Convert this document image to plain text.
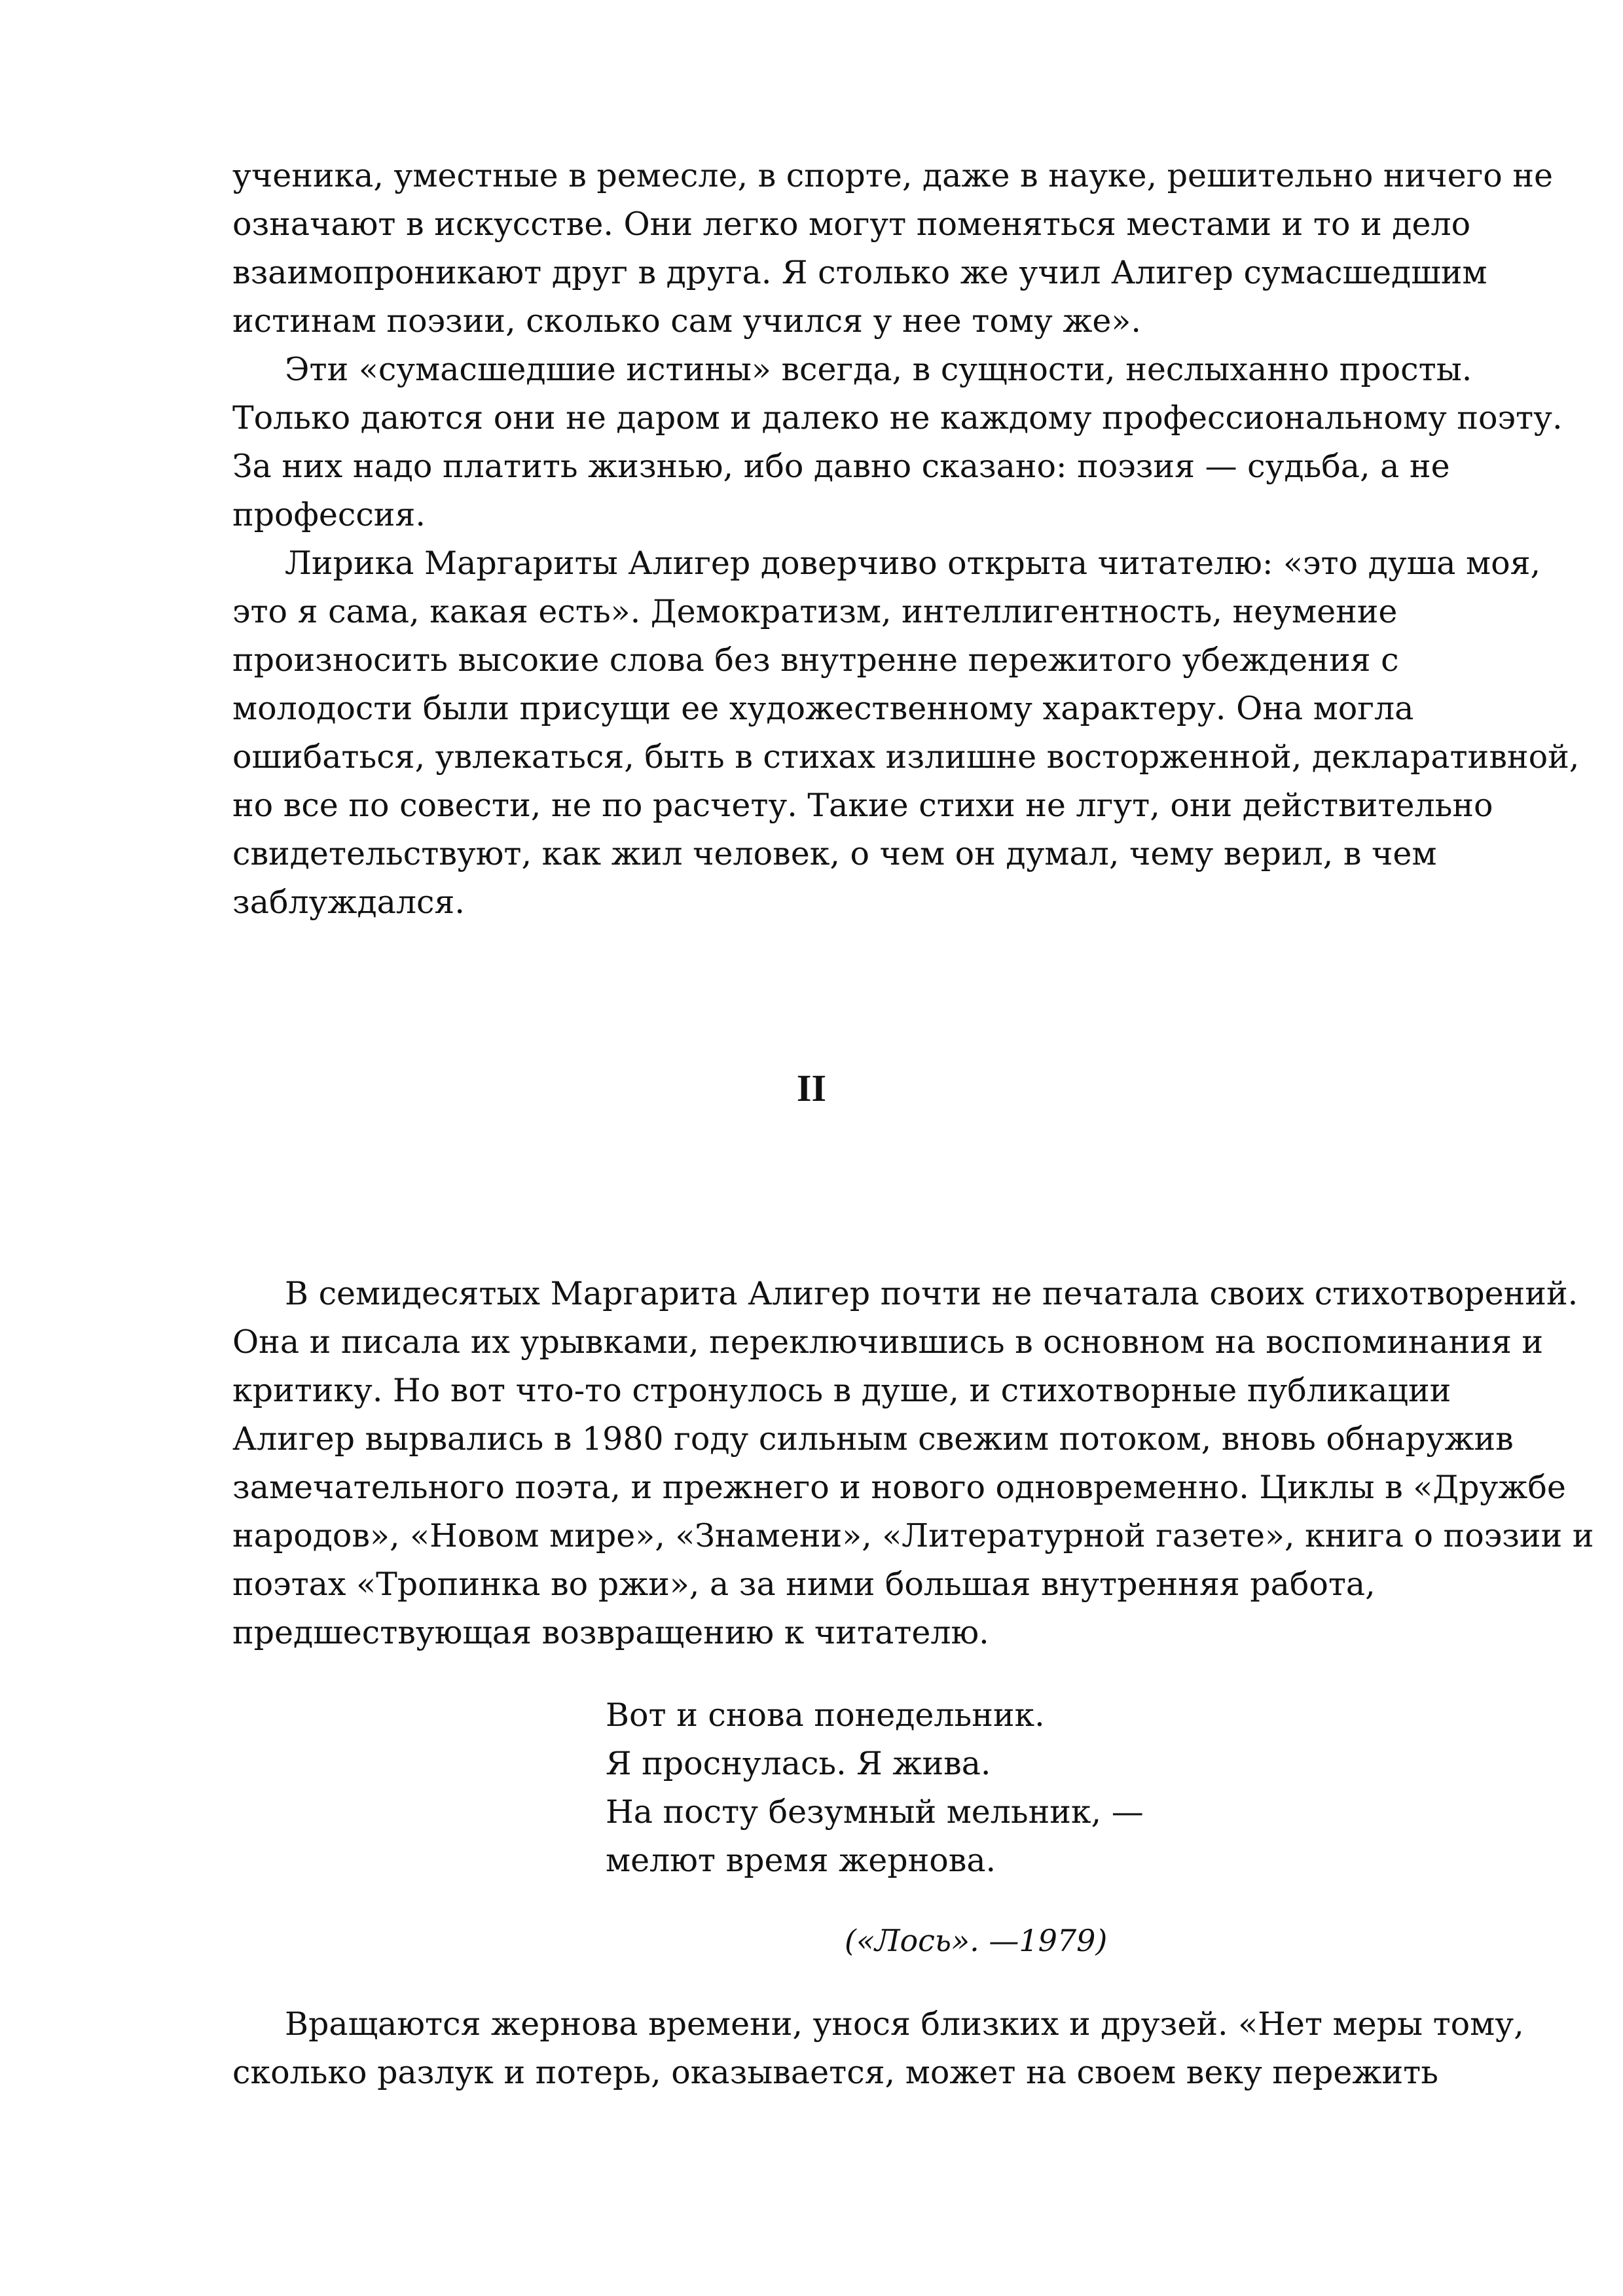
ученика, уместные в ремесле, в спорте, даже в науке, решительно ничего не
означают в искусстве. Они легко могут поменяться местами и то и дело
взаимопроникают друг в друга. Я столько же учил Алигер сумасшедшим
истинам поэзии, сколько сам учился у нее тому же».
Эти «сумасшедшие истины» всегда, в сущности, неслыханно просты.
Только даются они не даром и далеко не каждому профессиональному поэту.
За них надо платить жизнью, ибо давно сказано: поэзия — судьба, а не
профессия.
Лирика Маргариты Алигер доверчиво открыта читателю: «это душа моя,
это я сама, какая есть». Демократизм, интеллигентность, неумение
произносить высокие слова без внутренне пережитого убеждения с
молодости были присущи ее художественному характеру. Она могла
ошибаться, увлекаться, быть в стихах излишне восторженной, декларативной,
но все по совести, не по расчету. Такие стихи не лгут, они действительно
свидетельствуют, как жил человек, о чем он думал, чему верил, в чем
заблуждался.
II
В семидесятых Маргарита Алигер почти не печатала своих стихотворений.
Она и писала их урывками, переключившись в основном на воспоминания и
критику. Но вот что-то стронулось в душе, и стихотворные публикации
Алигер вырвались в 1980 году сильным свежим потоком, вновь обнаружив
замечательного поэта, и прежнего и нового одновременно. Циклы в «Дружбе
народов», «Новом мире», «Знамени», «Литературной газете», книга о поэзии и
поэтах «Тропинка во ржи», а за ними большая внутренняя работа,
предшествующая возвращению к читателю.
Вот и снова понедельник.
Я проснулась. Я жива.
На посту безумный мельник, —
мелют время жернова.
(«Лось». —1979)
Вращаются жернова времени, унося близких и друзей. «Нет меры тому,
сколько разлук и потерь, оказывается, может на своем веку пережить
